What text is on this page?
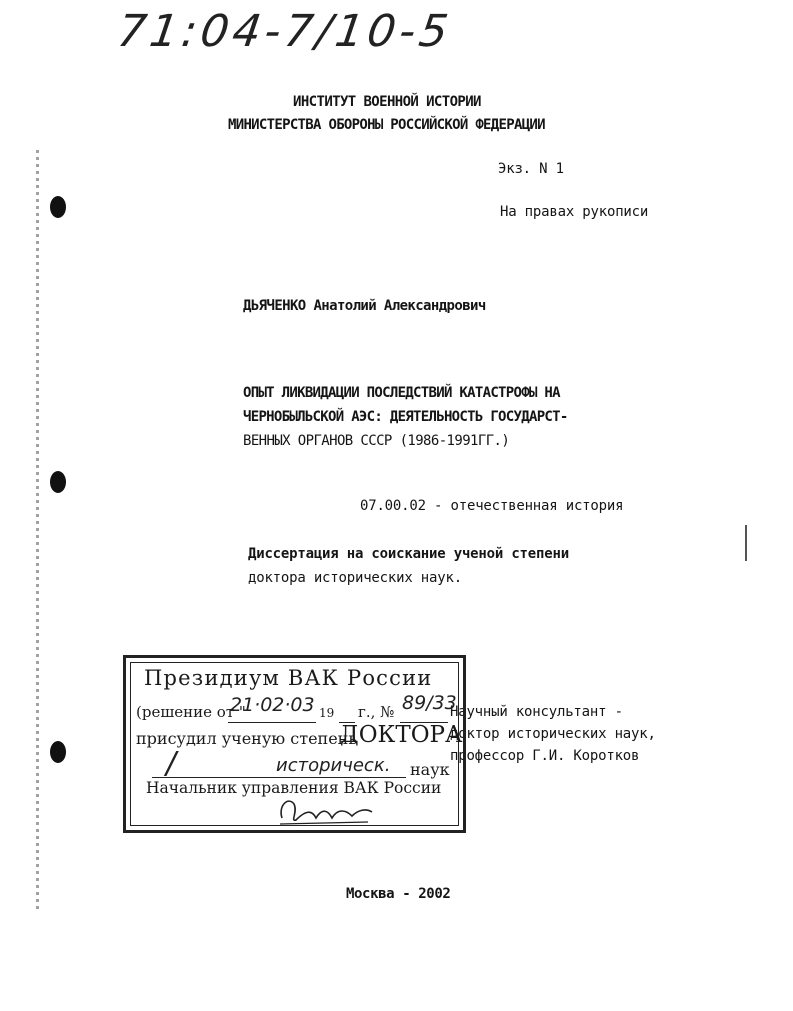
71:04-7/10-5
ИНСТИТУТ ВОЕННОЙ ИСТОРИИ
МИНИСТЕРСТВА ОБОРОНЫ РОССИЙСКОЙ ФЕДЕРАЦИИ
Экз. N 1
На правах рукописи
ДЬЯЧЕНКО Анатолий Александрович
ОПЫТ ЛИКВИДАЦИИ ПОСЛЕДСТВИЙ КАТАСТРОФЫ НА
ЧЕРНОБЫЛЬСКОЙ АЭС: ДЕЯТЕЛЬНОСТЬ ГОСУДАРСТ-
ВЕННЫХ ОРГАНОВ СССР (1986-1991ГГ.)
07.00.02 - отечественная история
Диссертация на соискание ученой степени
доктора исторических наук.
Научный консультант -
доктор исторических наук,
профессор Г.И. Коротков
Президиум ВАК России
(решение от "
21·02·03 19 г., № 89/33
присудил ученую степень
ДОКТОРА
/	историческ. наук
Начальник управления ВАК России
Москва - 2002
